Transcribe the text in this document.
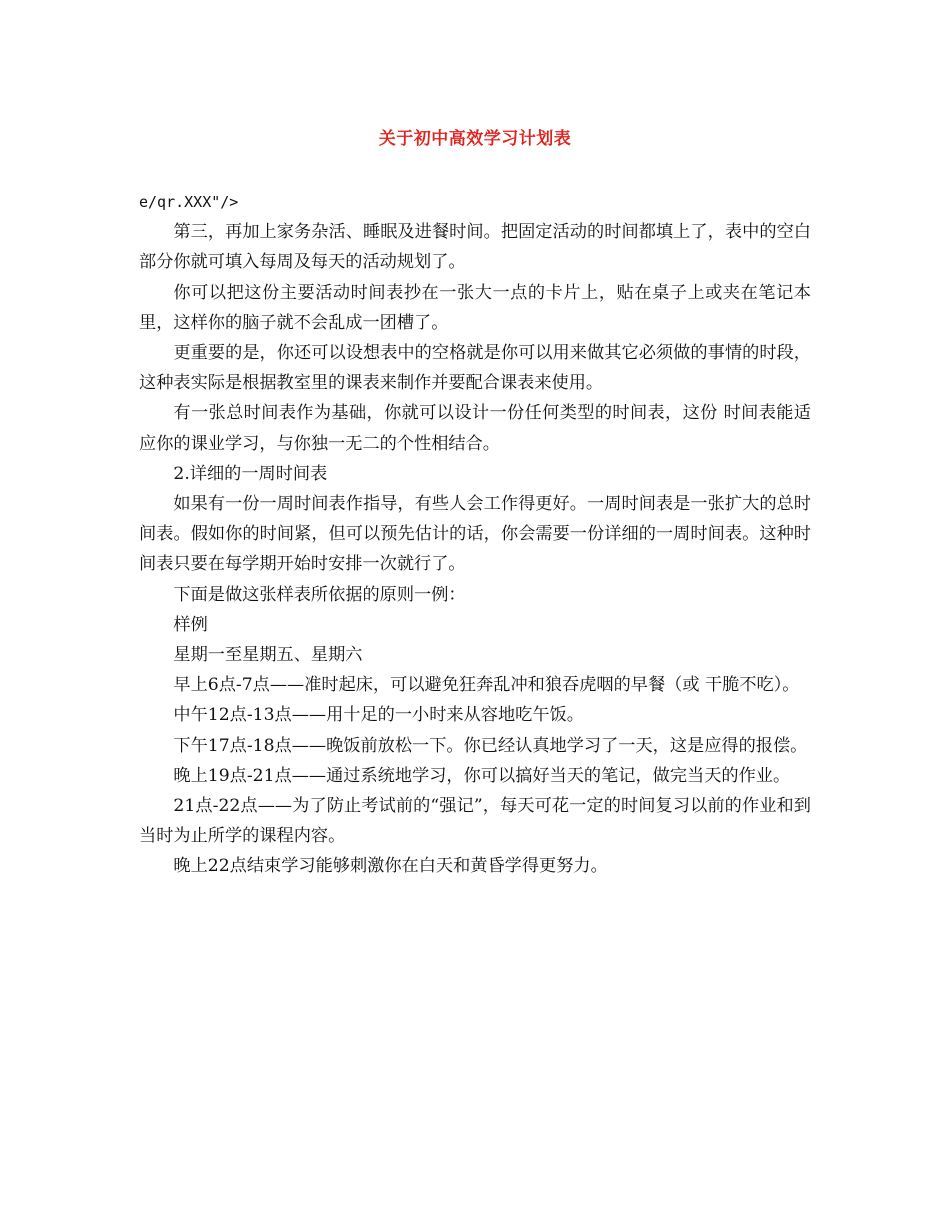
关于初中高效学习计划表

e/qr.XXX"/>

第三，再加上家务杂活、睡眠及进餐时间。把固定活动的时间都填上了，表中的空白部分你就可填入每周及每天的活动规划了。

你可以把这份主要活动时间表抄在一张大一点的卡片上，贴在桌子上或夹在笔记本里，这样你的脑子就不会乱成一团槽了。

更重要的是，你还可以设想表中的空格就是你可以用来做其它必须做的事情的时段，这种表实际是根据教室里的课表来制作并要配合课表来使用。

有一张总时间表作为基础，你就可以设计一份任何类型的时间表，这份 时间表能适应你的课业学习，与你独一无二的个性相结合。

2.详细的一周时间表

如果有一份一周时间表作指导，有些人会工作得更好。一周时间表是一张扩大的总时间表。假如你的时间紧，但可以预先估计的话，你会需要一份详细的一周时间表。这种时间表只要在每学期开始时安排一次就行了。

下面是做这张样表所依据的原则一例：

样例

星期一至星期五、星期六

早上6点-7点——准时起床，可以避免狂奔乱冲和狼吞虎咽的早餐（或 干脆不吃）。

中午12点-13点——用十足的一小时来从容地吃午饭。

下午17点-18点——晚饭前放松一下。你已经认真地学习了一天，这是应得的报偿。

晚上19点-21点——通过系统地学习，你可以搞好当天的笔记，做完当天的作业。

21点-22点——为了防止考试前的“强记”，每天可花一定的时间复习以前的作业和到当时为止所学的课程内容。

晚上22点结束学习能够刺激你在白天和黄昏学得更努力。
